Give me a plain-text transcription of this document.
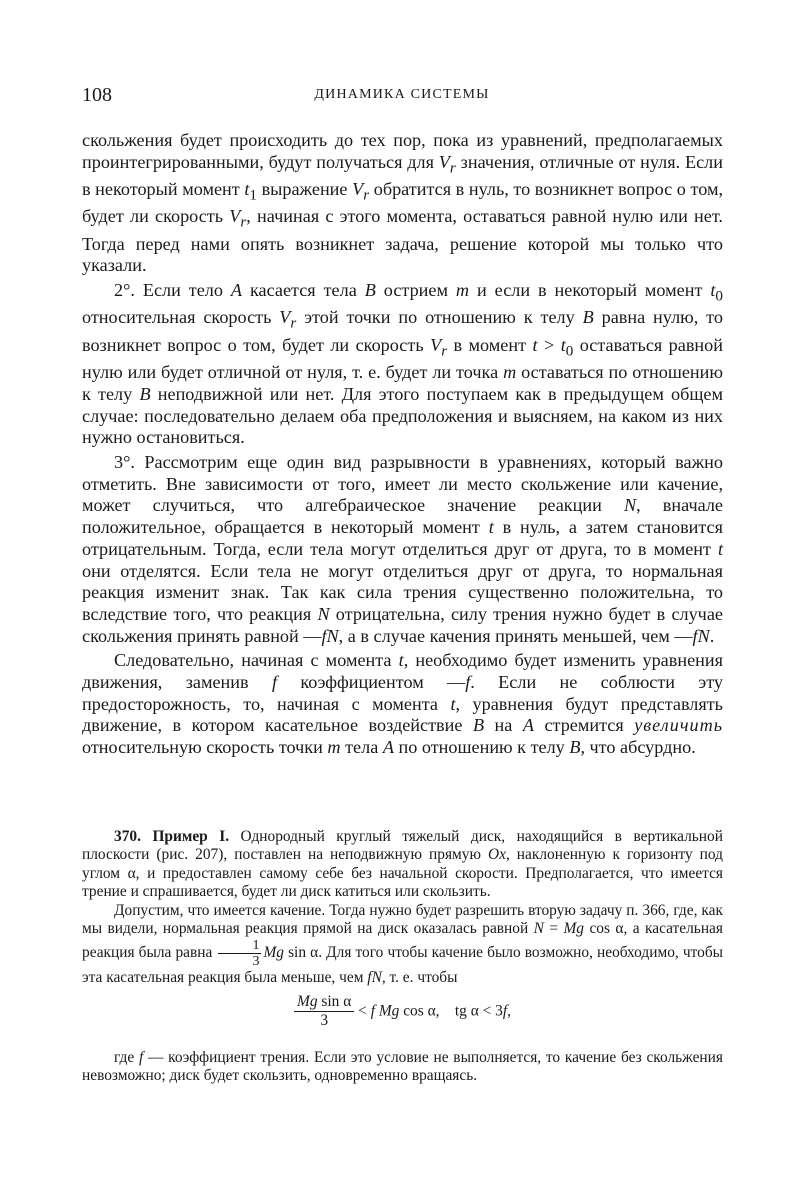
108	ДИНАМИКА СИСТЕМЫ

скольжения будет происходить до тех пор, пока из уравнений, предполагаемых проинтегрированными, будут получаться для $V_r$ значения, отличные от нуля. Если в некоторый момент $t_1$ выражение $V_r$ обратится в нуль, то возникнет вопрос о том, будет ли скорость $V_r$, начиная с этого момента, оставаться равной нулю или нет. Тогда перед нами опять возникнет задача, решение которой мы только что указали.

2°. Если тело A касается тела B острием m и если в некоторый момент $t_0$ относительная скорость $V_r$ этой точки по отношению к телу B равна нулю, то возникнет вопрос о том, будет ли скорость $V_r$ в момент $t > t_0$ оставаться равной нулю или будет отличной от нуля, т. е. будет ли точка m оставаться по отношению к телу B неподвижной или нет. Для этого поступаем как в предыдущем общем случае: последовательно делаем оба предположения и выясняем, на каком из них нужно остановиться.

3°. Рассмотрим еще один вид разрывности в уравнениях, который важно отметить. Вне зависимости от того, имеет ли место скольжение или качение, может случиться, что алгебраическое значение реакции N, вначале положительное, обращается в некоторый момент t в нуль, а затем становится отрицательным. Тогда, если тела могут отделиться друг от друга, то в момент t они отделятся. Если тела не могут отделиться друг от друга, то нормальная реакция изменит знак. Так как сила трения существенно положительна, то вследствие того, что реакция N отрицательна, силу трения нужно будет в случае скольжения принять равной —fN, а в случае качения принять меньшей, чем —fN.

Следовательно, начиная с момента t, необходимо будет изменить уравнения движения, заменив f коэффициентом —f. Если не соблюсти эту предосторожность, то, начиная с момента t, уравнения будут представлять движение, в котором касательное воздействие B на A стремится увеличить относительную скорость точки m тела A по отношению к телу B, что абсурдно.

370. Пример I. Однородный круглый тяжелый диск, находящийся в вертикальной плоскости (рис. 207), поставлен на неподвижную прямую Ox, наклоненную к горизонту под углом α, и предоставлен самому себе без начальной скорости. Предполагается, что имеется трение и спрашивается, будет ли диск катиться или скользить.

Допустим, что имеется качение. Тогда нужно будет разрешить вторую задачу п. 366, где, как мы видели, нормальная реакция прямой на диск оказалась равной N = Mg cos α, а касательная реакция была равна $\frac{1}{3}$ Mg sin α. Для того чтобы качение было возможно, необходимо, чтобы эта касательная реакция была меньше, чем fN, т. е. чтобы

$\frac{\text{Mg sin α}}{3} < f$ Mg cos α,    tg α < 3f,

где f — коэффициент трения. Если это условие не выполняется, то качение без скольжения невозможно; диск будет скользить, одновременно вращаясь.
